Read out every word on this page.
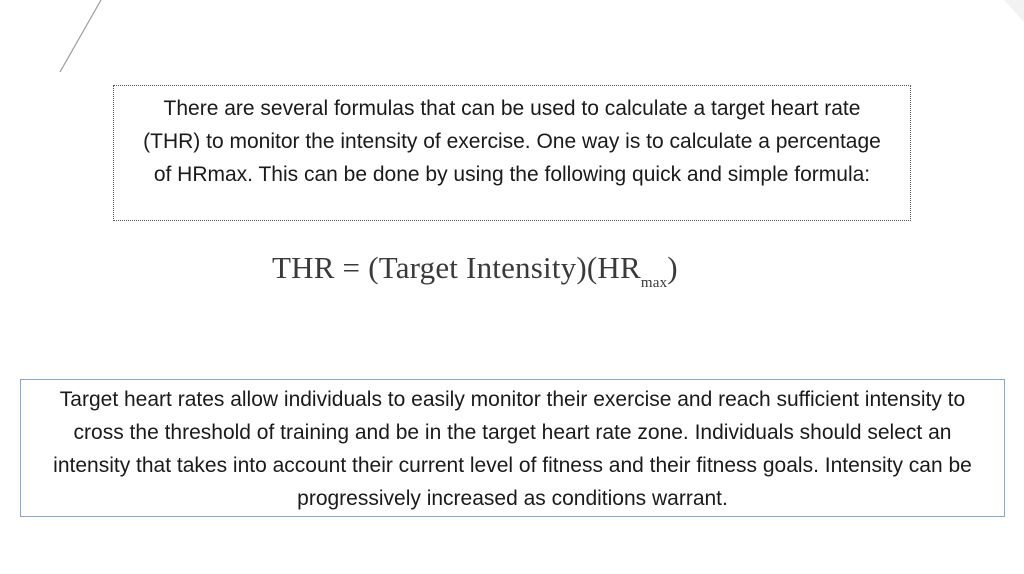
There are several formulas that can be used to calculate a target heart rate (THR) to monitor the intensity of exercise. One way is to calculate a percentage of HRmax. This can be done by using the following quick and simple formula:
THR = (Target $Intensity)(HR_{max})$
Target heart rates allow individuals to easily monitor their exercise and reach sufficient intensity to cross the threshold of training and be in the target heart rate zone. Individuals should select an intensity that takes into account their current level of fitness and their fitness goals. Intensity can be progressively increased as conditions warrant.
